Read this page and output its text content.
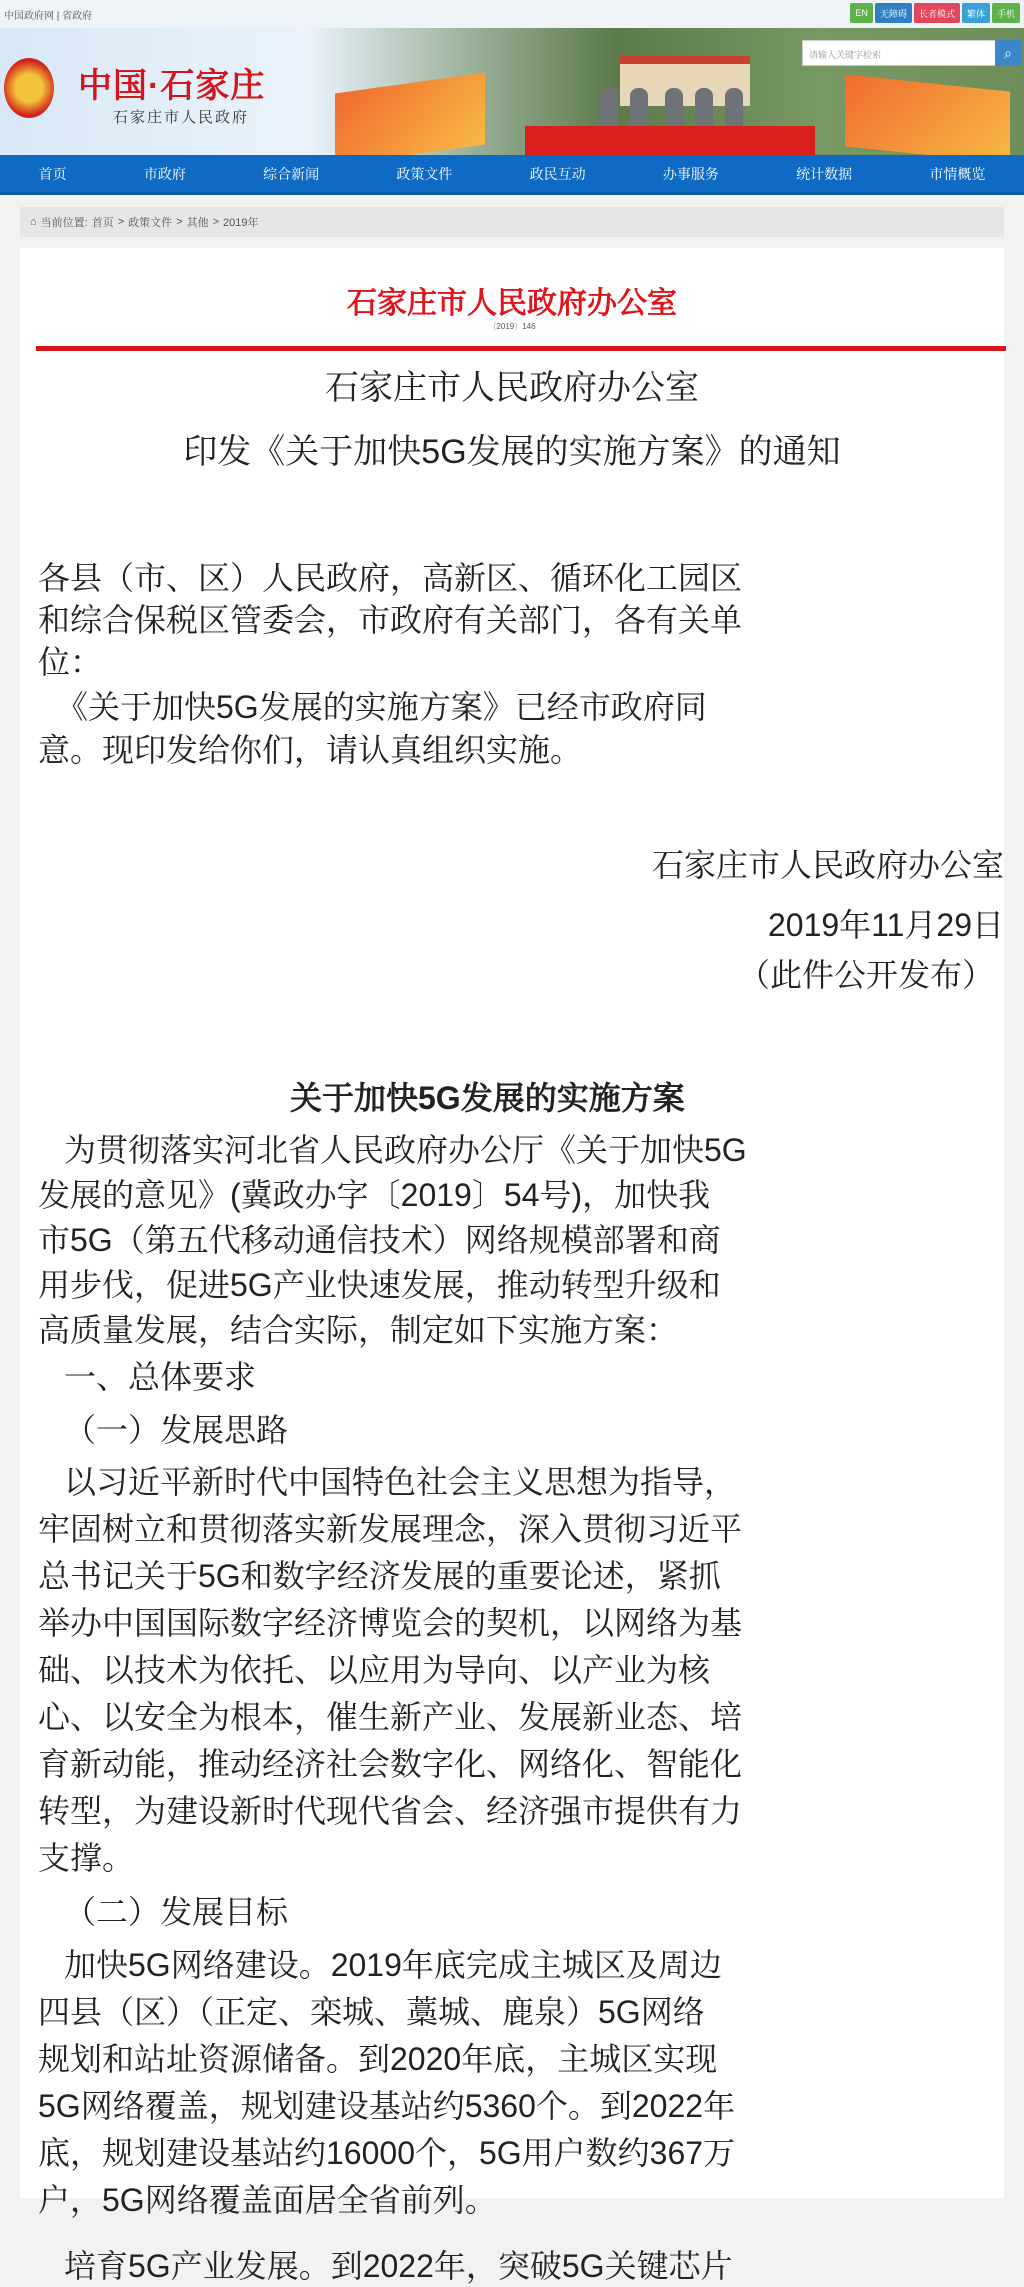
中国政府网 | 省政府	EN	无障碍	长者模式	繁体	手机
中国·石家庄
石家庄市人民政府
请输入关键字检索	⌕
首页	市政府	综合新闻	政策文件	政民互动	办事服务	统计数据	市情概览
⌂ 当前位置: 首页 > 政策文件 > 其他 > 2019年
石家庄市人民政府办公室
〔2019〕146
石家庄市人民政府办公室
印发《关于加快5G发展的实施方案》的通知
各县（市、区）人民政府，高新区、循环化工园区
和综合保税区管委会，市政府有关部门，各有关单
位：
《关于加快5G发展的实施方案》已经市政府同
意。现印发给你们，请认真组织实施。
石家庄市人民政府办公室
2019年11月29日
（此件公开发布）
关于加快5G发展的实施方案
为贯彻落实河北省人民政府办公厅《关于加快5G
发展的意见》(冀政办字〔2019〕54号)，加快我
市5G（第五代移动通信技术）网络规模部署和商
用步伐，促进5G产业快速发展，推动转型升级和
高质量发展，结合实际，制定如下实施方案：
一、总体要求
（一）发展思路
以习近平新时代中国特色社会主义思想为指导，
牢固树立和贯彻落实新发展理念，深入贯彻习近平
总书记关于5G和数字经济发展的重要论述，紧抓
举办中国国际数字经济博览会的契机，以网络为基
础、以技术为依托、以应用为导向、以产业为核
心、以安全为根本，催生新产业、发展新业态、培
育新动能，推动经济社会数字化、网络化、智能化
转型，为建设新时代现代省会、经济强市提供有力
支撑。
（二）发展目标
加快5G网络建设。2019年底完成主城区及周边
四县（区）（正定、栾城、藁城、鹿泉）5G网络
规划和站址资源储备。到2020年底，主城区实现
5G网络覆盖，规划建设基站约5360个。到2022年
底，规划建设基站约16000个，5G用户数约367万
户，5G网络覆盖面居全省前列。
培育5G产业发展。到2022年，突破5G关键芯片
